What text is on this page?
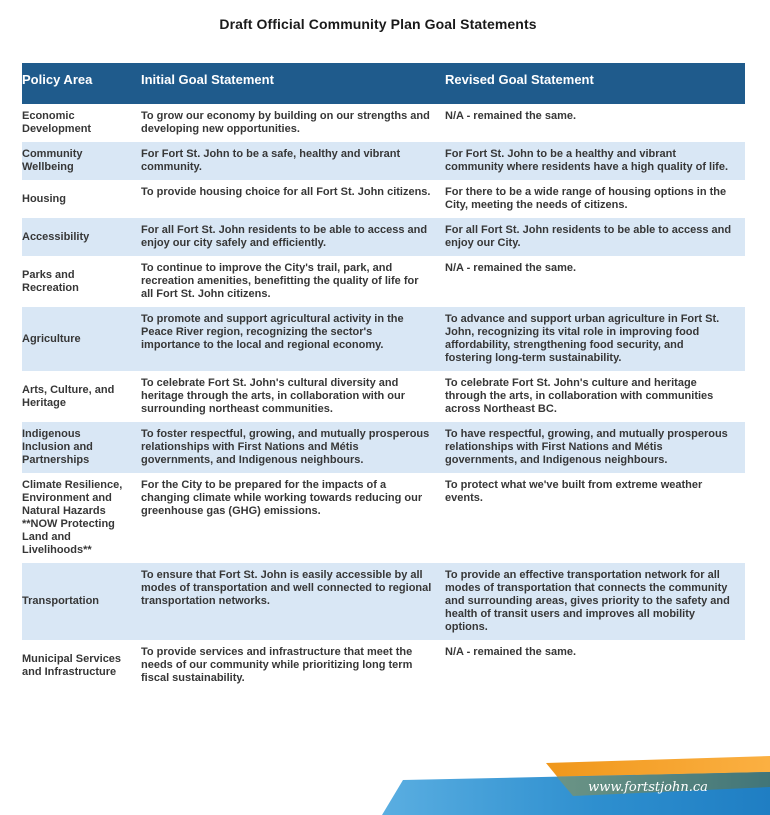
Draft Official Community Plan Goal Statements
Policy Area	Initial Goal Statement	Revised Goal Statement
Economic Development	To grow our economy by building on our strengths and developing new opportunities.	N/A - remained the same.
Community Wellbeing	For Fort St. John to be a safe, healthy and vibrant community.	For Fort St. John to be a healthy and vibrant community where residents have a high quality of life.
Housing	To provide housing choice for all Fort St. John citizens.	For there to be a wide range of housing options in the City, meeting the needs of citizens.
Accessibility	For all Fort St. John residents to be able to access and enjoy our city safely and efficiently.	For all Fort St. John residents to be able to access and enjoy our City.
Parks and Recreation	To continue to improve the City's trail, park, and recreation amenities, benefitting the quality of life for all Fort St. John citizens.	N/A - remained the same.
Agriculture	To promote and support agricultural activity in the Peace River region, recognizing the sector's importance to the local and regional economy.	To advance and support urban agriculture in Fort St. John, recognizing its vital role in improving food affordability, strengthening food security, and fostering long-term sustainability.
Arts, Culture, and Heritage	To celebrate Fort St. John's cultural diversity and heritage through the arts, in collaboration with our surrounding northeast communities.	To celebrate Fort St. John's culture and heritage through the arts, in collaboration with communities across Northeast BC.
Indigenous Inclusion and Partnerships	To foster respectful, growing, and mutually prosperous relationships with First Nations and Métis governments, and Indigenous neighbours.	To have respectful, growing, and mutually prosperous relationships with First Nations and Métis governments, and Indigenous neighbours.
Climate Resilience, Environment and Natural Hazards **NOW Protecting Land and Livelihoods**	For the City to be prepared for the impacts of a changing climate while working towards reducing our greenhouse gas (GHG) emissions.	To protect what we've built from extreme weather events.
Transportation	To ensure that Fort St. John is easily accessible by all modes of transportation and well connected to regional transportation networks.	To provide an effective transportation network for all modes of transportation that connects the community and surrounding areas, gives priority to the safety and health of transit users and improves all mobility options.
Municipal Services and Infrastructure	To provide services and infrastructure that meet the needs of our community while prioritizing long term fiscal sustainability.	N/A - remained the same.
www.fortstjohn.ca
